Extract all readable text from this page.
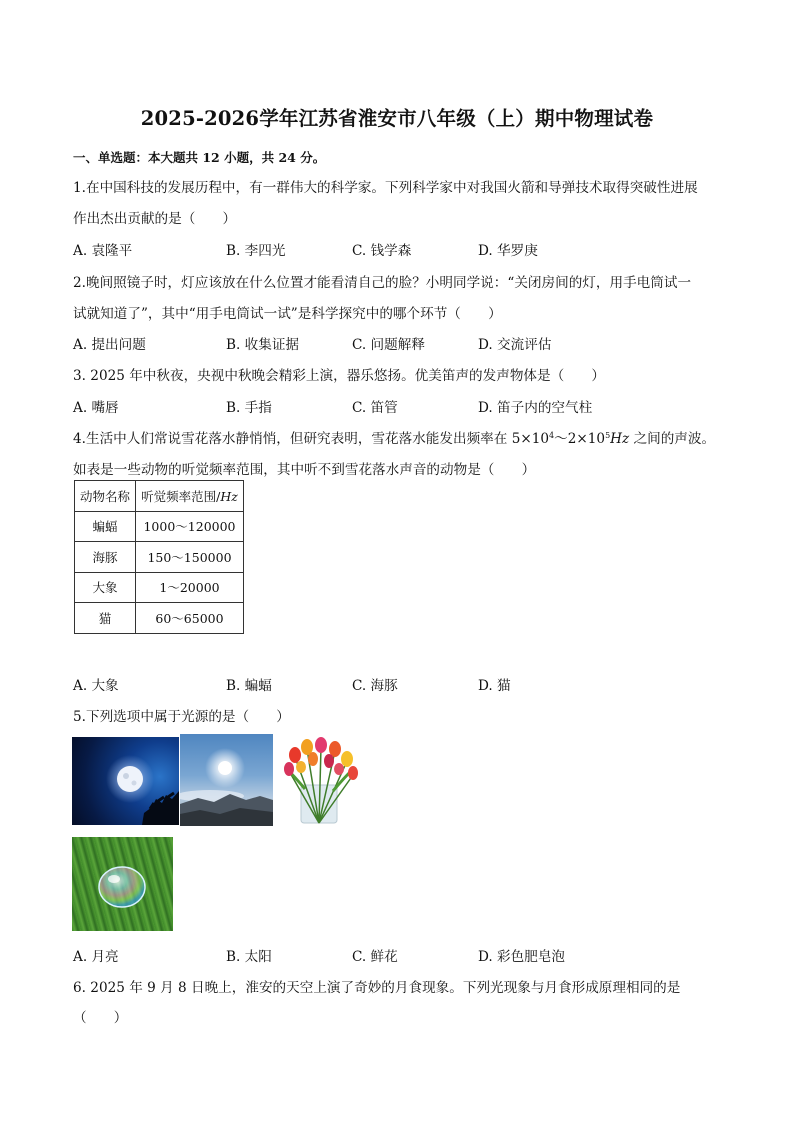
2025-2026学年江苏省淮安市八年级（上）期中物理试卷
一、单选题：本大题共 12 小题，共 24 分。
1.在中国科技的发展历程中，有一群伟大的科学家。下列科学家中对我国火箭和导弹技术取得突破性进展
作出杰出贡献的是（　　）
A. 袁隆平	B. 李四光	C. 钱学森	D. 华罗庚
2.晚间照镜子时，灯应该放在什么位置才能看清自己的脸？小明同学说：“关闭房间的灯，用手电筒试一
试就知道了”，其中“用手电筒试一试”是科学探究中的哪个环节（　　）
A. 提出问题	B. 收集证据	C. 问题解释	D. 交流评估
3. 2025 年中秋夜，央视中秋晚会精彩上演，器乐悠扬。优美笛声的发声物体是（　　）
A. 嘴唇	B. 手指	C. 笛管	D. 笛子内的空气柱
4.生活中人们常说雪花落水静悄悄，但研究表明，雪花落水能发出频率在 $5\times 10^4\sim 2\times 10^5Hz$ 之间的声波。
如表是一些动物的听觉频率范围，其中听不到雪花落水声音的动物是（　　）
动物名称	听觉频率范围/Hz
蝙蝠	1000～120000
海豚	150～150000
大象	1～20000
猫	60～65000
A. 大象	B. 蝙蝠	C. 海豚	D. 猫
5.下列选项中属于光源的是（　　）
A. 月亮	B. 太阳	C. 鲜花	D. 彩色肥皂泡
6. 2025 年 9 月 8 日晚上，淮安的天空上演了奇妙的月食现象。下列光现象与月食形成原理相同的是
（　　）
